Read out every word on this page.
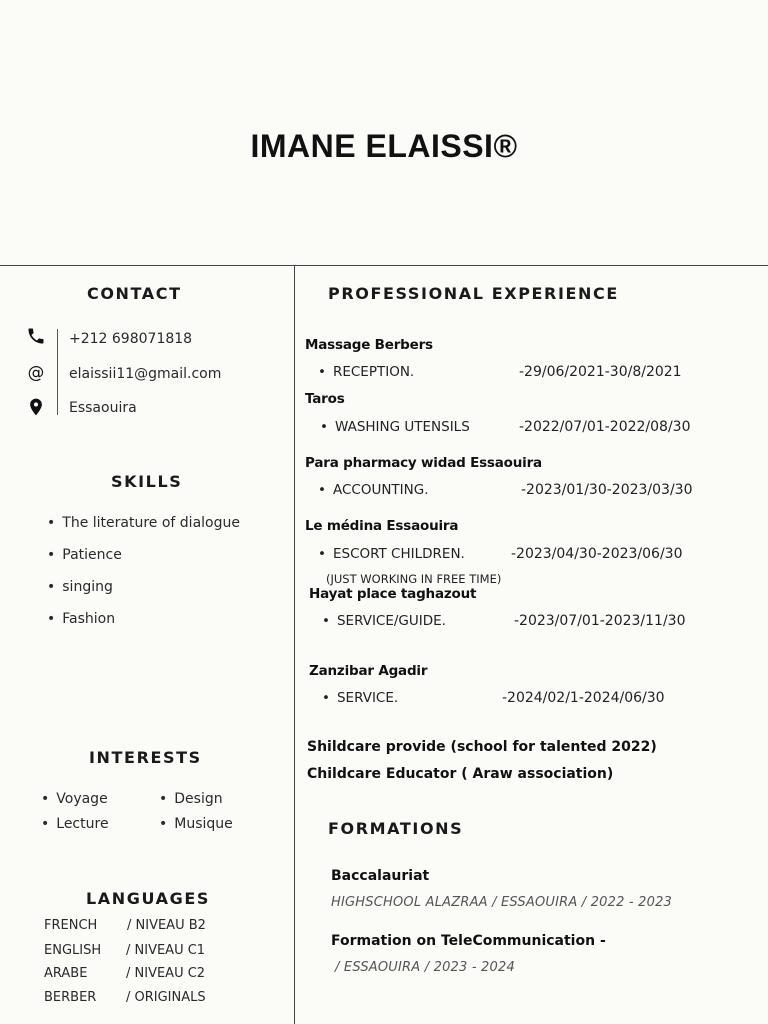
IMANE ELAISSI®
CONTACT
+212 698071818
@ elaissii11@gmail.com
Essaouira
SKILLS
• The literature of dialogue
• Patience
• singing
• Fashion
INTERESTS
• Voyage	• Design
• Lecture	• Musique
LANGUAGES
FRENCH / NIVEAU B2
ENGLISH / NIVEAU C1
ARABE	/ NIVEAU C2
BERBER / ORIGINALS
PROFESSIONAL EXPERIENCE
Massage Berbers
• RECEPTION.	-29/06/2021-30/8/2021
Taros
• WASHING UTENSILS	-2022/07/01-2022/08/30
Para pharmacy widad Essaouira
• ACCOUNTING.	-2023/01/30-2023/03/30
Le médina Essaouira
• ESCORT CHILDREN.	-2023/04/30-2023/06/30
(JUST WORKING IN FREE TIME)
Hayat place taghazout
• SERVICE/GUIDE.	-2023/07/01-2023/11/30
Zanzibar Agadir
• SERVICE.	-2024/02/1-2024/06/30
Shildcare provide (school for talented 2022)
Childcare Educator ( Araw association)
FORMATIONS
Baccalauriat
HIGHSCHOOL ALAZRAA / ESSAOUIRA / 2022 - 2023
Formation on TeleCommunication -
/ ESSAOUIRA / 2023 - 2024
